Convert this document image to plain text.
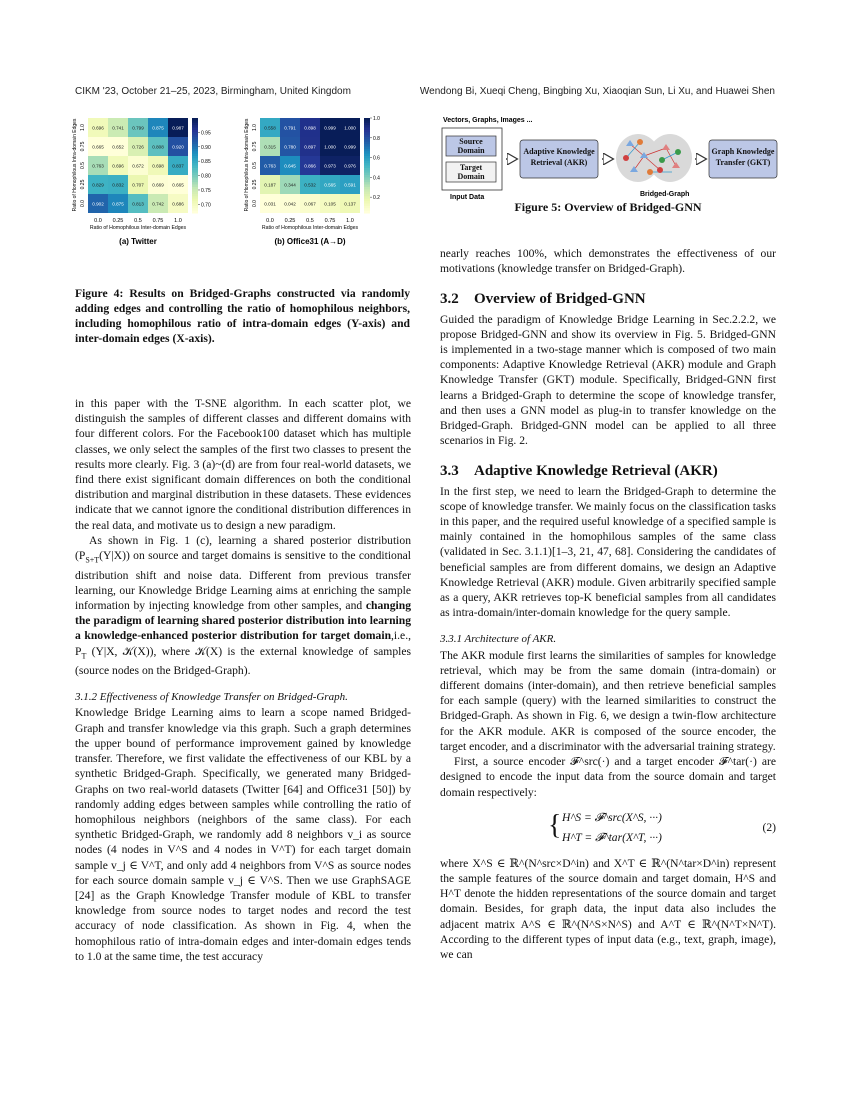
CIKM '23, October 21–25, 2023, Birmingham, United Kingdom	Wendong Bi, Xueqi Cheng, Bingbing Xu, Xiaoqian Sun, Li Xu, and Huawei Shen
0.696 0.741 0.799 0.875 0.987
0.665 0.652 0.726 0.808 0.920
0.763 0.696 0.672 0.698 0.837
0.829 0.832 0.707 0.669 0.665
0.902 0.875 0.813 0.742 0.686
1.0
0.75
0.5
0.25
0.0
0.0 0.25 0.5 0.75 1.0
Ratio of Homophilous Inter-domain Edges
Ratio of Homophilous Intra-domain Edges	0.95
0.90
0.85
0.80
0.75
0.70
(a) Twitter
0.558 0.791 0.898 0.999 1.000
0.315 0.780 0.897 1.000 0.999
0.763 0.645 0.866 0.973 0.976
0.187 0.344 0.532 0.565 0.591
0.031 0.042 0.067 0.105 0.137
1.0
0.75
0.5
0.25
0.0
0.0 0.25 0.5 0.75 1.0
Ratio of Homophilous Inter-domain Edges
Ratio of Homophilous Intra-domain Edges	1.0
0.8
0.6
0.4
0.2
(b) Office31 (A→D)
Figure 4: Results on Bridged-Graphs constructed via randomly adding edges and controlling the ratio of homophilous neighbors, including homophilous ratio of intra-domain edges (Y-axis) and inter-domain edges (X-axis).
Vectors, Graphs, Images ...
Source Domain
Target Domain
Input Data
Adaptive Knowledge Retrieval (AKR)
Bridged-Graph
Graph Knowledge Transfer (GKT)
Figure 5: Overview of Bridged-GNN

in this paper with the T-SNE algorithm. In each scatter plot, we distinguish the samples of different classes and different domains with four different colors. For the Facebook100 dataset which has multiple classes, we only select the samples of the first two classes to present the results more clearly. Fig. 3 (a)~(d) are from four real-world datasets, we find there exist significant domain differences on both the conditional distribution and marginal distribution in these datasets. These evidences indicate that we cannot ignore the conditional distribution differences in the real data, and motivate us to design a new paradigm.

As shown in Fig. 1 (c), learning a shared posterior distribution $(P_{S+T}(Y|X))$ on source and target domains is sensitive to the conditional distribution shift and noise data. Different from previous transfer learning, our Knowledge Bridge Learning aims at enriching the sample information by injecting knowledge from other samples, and changing the paradigm of learning shared posterior distribution into learning a knowledge-enhanced posterior distribution for target domain,i.e., $P_T$ (Y|X, 𝒦(X)), where 𝒦(X) is the external knowledge of samples (source nodes on the Bridged-Graph).

3.1.2 Effectiveness of Knowledge Transfer on Bridged-Graph.

Knowledge Bridge Learning aims to learn a scope named Bridged-Graph and transfer knowledge via this graph. Such a graph determines the upper bound of performance improvement gained by knowledge transfer. Therefore, we first validate the effectiveness of our KBL by a synthetic Bridged-Graph. Specifically, we generated many Bridged-Graphs on two real-world datasets (Twitter [64] and Office31 [50]) by randomly adding edges between samples while controlling the ratio of homophilous neighbors (neighbors of the same class). For each synthetic Bridged-Graph, we randomly add 8 neighbors v_i as source nodes (4 nodes in V^S and 4 nodes in V^T) for each target domain sample v_j ∈ V^T, and only add 4 neighbors from V^S as source nodes for each source domain sample v_j ∈ V^S. Then we use GraphSAGE [24] as the Graph Knowledge Transfer module of KBL to transfer knowledge from source nodes to target nodes and record the test accuracy of node classification. As shown in Fig. 4, when the homophilous ratio of intra-domain edges and inter-domain edges tends to 1.0 at the same time, the test accuracy

nearly reaches 100%, which demonstrates the effectiveness of our motivations (knowledge transfer on Bridged-Graph).

3.2 Overview of Bridged-GNN

Guided the paradigm of Knowledge Bridge Learning in Sec.2.2.2, we propose Bridged-GNN and show its overview in Fig. 5. Bridged-GNN is implemented in a two-stage manner which is composed of two main components: Adaptive Knowledge Retrieval (AKR) module and Graph Knowledge Transfer (GKT) module. Specifically, Bridged-GNN first learns a Bridged-Graph to determine the scope of knowledge transfer, and then uses a GNN model as plug-in to transfer knowledge on the Bridged-Graph. Bridged-GNN model can be applied to all three scenarios in Fig. 2.

3.3 Adaptive Knowledge Retrieval (AKR)

In the first step, we need to learn the Bridged-Graph to determine the scope of knowledge transfer. We mainly focus on the classification tasks in this paper, and the required useful knowledge of a specified sample is mainly contained in the homophilous samples of the same class (validated in Sec. 3.1.1)[1–3, 21, 47, 68]. Considering the candidates of beneficial samples are from different domains, we design an Adaptive Knowledge Retrieval (AKR) module. Given arbitrarily specified sample as a query, AKR retrieves top-K beneficial samples from all candidates as intra-domain/inter-domain knowledge for the query sample.

3.3.1 Architecture of AKR.

The AKR module first learns the similarities of samples for knowledge retrieval, which may be from the same domain (intra-domain) or different domains (inter-domain), and then retrieve beneficial samples for each sample (query) with the learned similarities to construct the Bridged-Graph. As shown in Fig. 6, we design a twin-flow architecture for the AKR module. AKR is composed of the source encoder, the target encoder, and a discriminator with the adversarial training strategy.

First, a source encoder 𝓕^src(·) and a target encoder 𝓕^tar(·) are designed to encode the input data from the source domain and target domain respectively:

{ H^S = 𝓕^src(X^S, ···)
H^T = 𝓕^tar(X^T, ···)
(2)

where X^S ∈ ℝ^(N^src×D^in) and X^T ∈ ℝ^(N^tar×D^in) represent the sample features of the source domain and target domain, H^S and H^T denote the hidden representations of the source domain and target domain. Besides, for graph data, the input data also includes the adjacent matrix A^S ∈ ℝ^(N^S×N^S) and A^T ∈ ℝ^(N^T×N^T). According to the different types of input data (e.g., text, graph, image), we can
